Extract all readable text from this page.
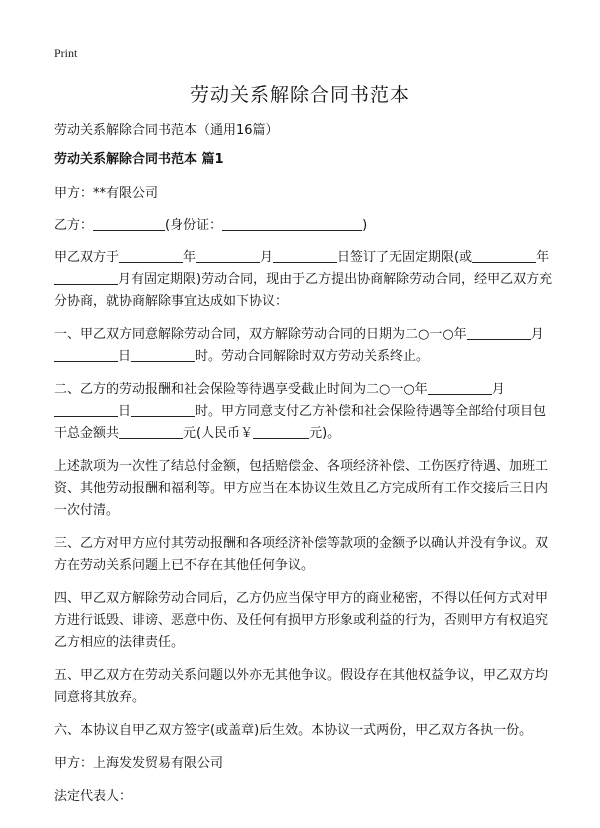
Print
劳动关系解除合同书范本

劳动关系解除合同书范本（通用16篇）

劳动关系解除合同书范本 篇1

甲方：**有限公司

乙方：	(身份证：	)

甲乙双方于	年	月	日签订了无固定期限(或	年月有固定期限)劳动合同，现由于乙方提出协商解除劳动合同，经甲乙双方充分协商，就协商解除事宜达成如下协议：

一、甲乙双方同意解除劳动合同，双方解除劳动合同的日期为二○一○年	月日	时。劳动合同解除时双方劳动关系终止。

二、乙方的劳动报酬和社会保险等待遇享受截止时间为二○一○年	月日	时。甲方同意支付乙方补偿和社会保险待遇等全部给付项目包干总金额共	元(人民币￥	元)。

上述款项为一次性了结总付金额，包括赔偿金、各项经济补偿、工伤医疗待遇、加班工资、其他劳动报酬和福利等。甲方应当在本协议生效且乙方完成所有工作交接后三日内一次付清。

三、乙方对甲方应付其劳动报酬和各项经济补偿等款项的金额予以确认并没有争议。双方在劳动关系问题上已不存在其他任何争议。

四、甲乙双方解除劳动合同后，乙方仍应当保守甲方的商业秘密，不得以任何方式对甲方进行诋毁、诽谤、恶意中伤、及任何有损甲方形象或利益的行为，否则甲方有权追究乙方相应的法律责任。

五、甲乙双方在劳动关系问题以外亦无其他争议。假设存在其他权益争议，甲乙双方均同意将其放弃。

六、本协议自甲乙双方签字(或盖章)后生效。本协议一式两份，甲乙双方各执一份。

甲方：上海发发贸易有限公司

法定代表人：
